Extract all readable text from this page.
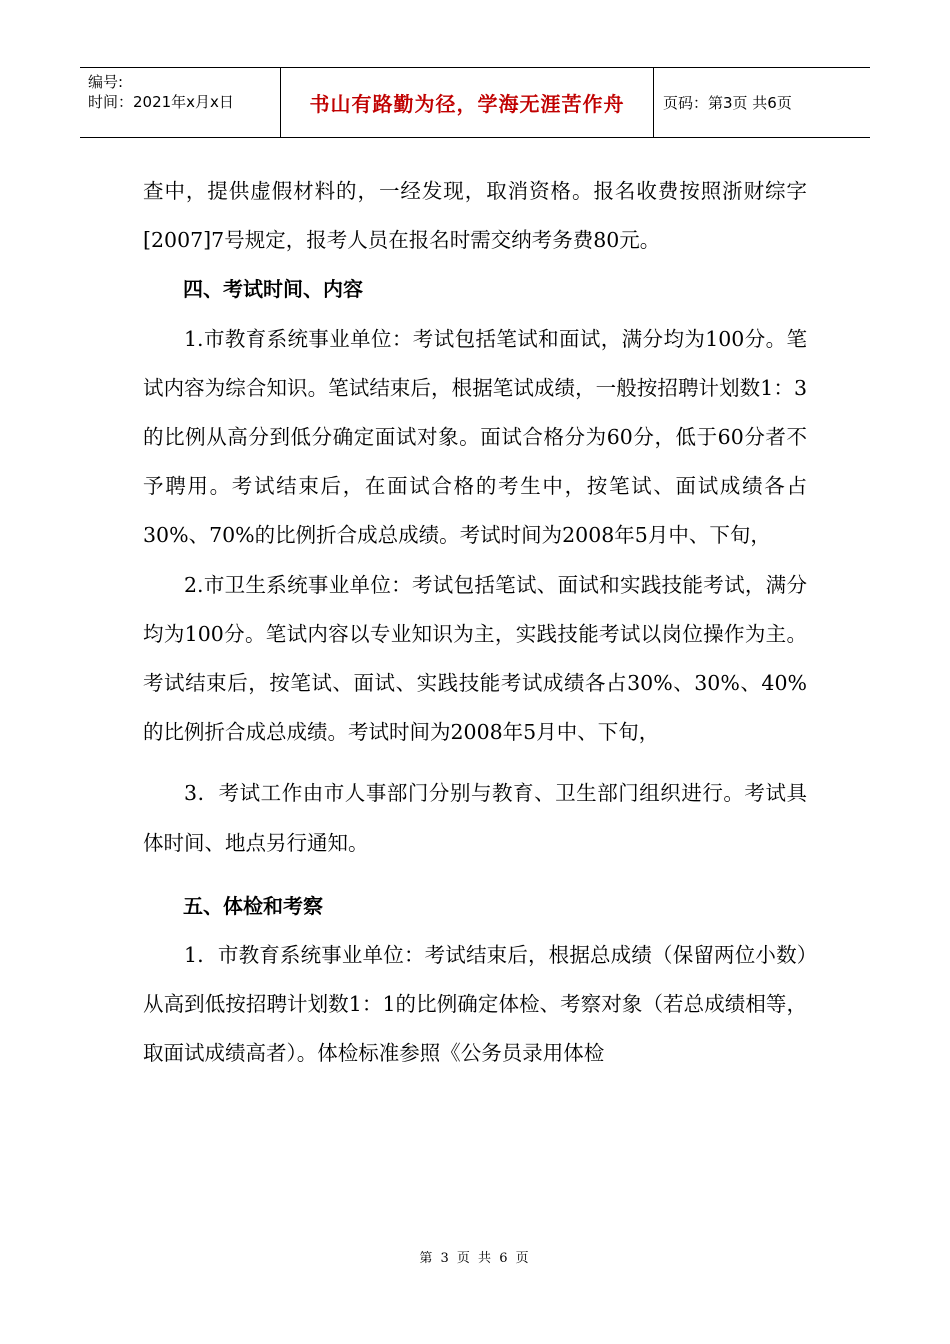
编号:
时间：2021年x月x日	书山有路勤为径，学海无涯苦作舟	页码：第3页 共6页

查中，提供虚假材料的，一经发现，取消资格。报名收费按照浙财综字[2007]7号规定，报考人员在报名时需交纳考务费80元。

四、考试时间、内容

1.市教育系统事业单位：考试包括笔试和面试，满分均为100分。笔试内容为综合知识。笔试结束后，根据笔试成绩，一般按招聘计划数1：3的比例从高分到低分确定面试对象。面试合格分为60分，低于60分者不予聘用。考试结束后，在面试合格的考生中，按笔试、面试成绩各占30%、70%的比例折合成总成绩。考试时间为2008年5月中、下旬，

2.市卫生系统事业单位：考试包括笔试、面试和实践技能考试，满分均为100分。笔试内容以专业知识为主，实践技能考试以岗位操作为主。考试结束后，按笔试、面试、实践技能考试成绩各占30%、30%、40%的比例折合成总成绩。考试时间为2008年5月中、下旬，

3．考试工作由市人事部门分别与教育、卫生部门组织进行。考试具体时间、地点另行通知。

五、体检和考察

1．市教育系统事业单位：考试结束后，根据总成绩（保留两位小数）从高到低按招聘计划数1：1的比例确定体检、考察对象（若总成绩相等，取面试成绩高者）。体检标准参照《公务员录用体检

第 3 页 共 6 页
